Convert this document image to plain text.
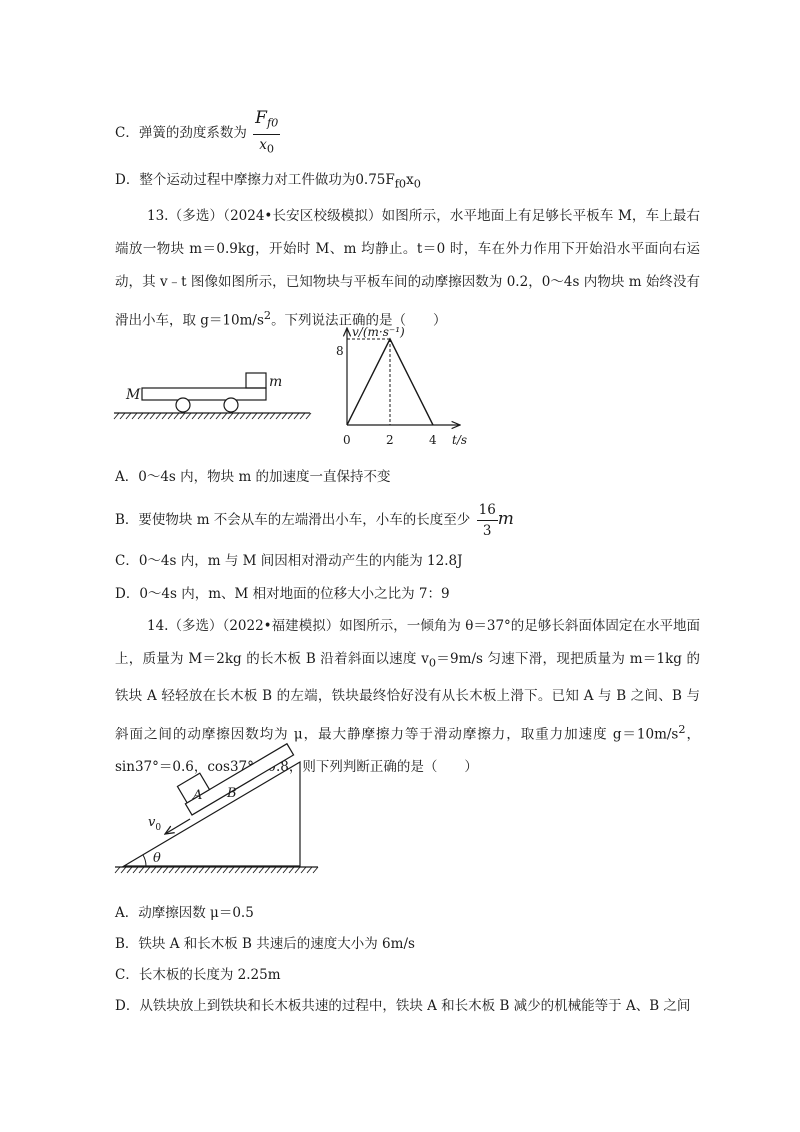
C．弹簧的劲度系数为 $\frac{F_{f0}}{x_0}$
D．整个运动过程中摩擦力对工件做功为$0.75F_{f0}x_0$
13.（多选）（2024•长安区校级模拟）如图所示，水平地面上有足够长平板车 M，车上最右端放一物块 m＝0.9kg，开始时 M、m 均静止。t＝0 时，车在外力作用下开始沿水平面向右运动，其 v﹣t 图像如图所示，已知物块与平板车间的动摩擦因数为 0.2，0～4s 内物块 m 始终没有滑出小车，取 $g=10m/s^2$。下列说法正确的是（　　）
M
m
v/(m·s⁻¹)
t/s
8
0	2	4
A．0～4s 内，物块 m 的加速度一直保持不变
B．要使物块 m 不会从车的左端滑出小车，小车的长度至少 $\frac{16}{3}$ m
C．0～4s 内，m 与 M 间因相对滑动产生的内能为 12.8J
D．0～4s 内，m、M 相对地面的位移大小之比为 7：9
14.（多选）（2022•福建模拟）如图所示，一倾角为 θ＝37°的足够长斜面体固定在水平地面上，质量为 M＝2kg 的长木板 B 沿着斜面以速度 $v_0=9m/s$ 匀速下滑，现把质量为 m＝1kg 的铁块 A 轻轻放在长木板 B 的左端，铁块最终恰好没有从长木板上滑下。已知 A 与 B 之间、B 与斜面之间的动摩擦因数均为 μ，最大静摩擦力等于滑动摩擦力，取重力加速度 $g=10m/s^2$，sin37°＝0.6，cos37°＝0.8，则下列判断正确的是（　　）
A B
$v_0$
θ
A．动摩擦因数 μ＝0.5
B．铁块 A 和长木板 B 共速后的速度大小为 6m/s
C．长木板的长度为 2.25m
D．从铁块放上到铁块和长木板共速的过程中，铁块 A 和长木板 B 减少的机械能等于 A、B 之间
